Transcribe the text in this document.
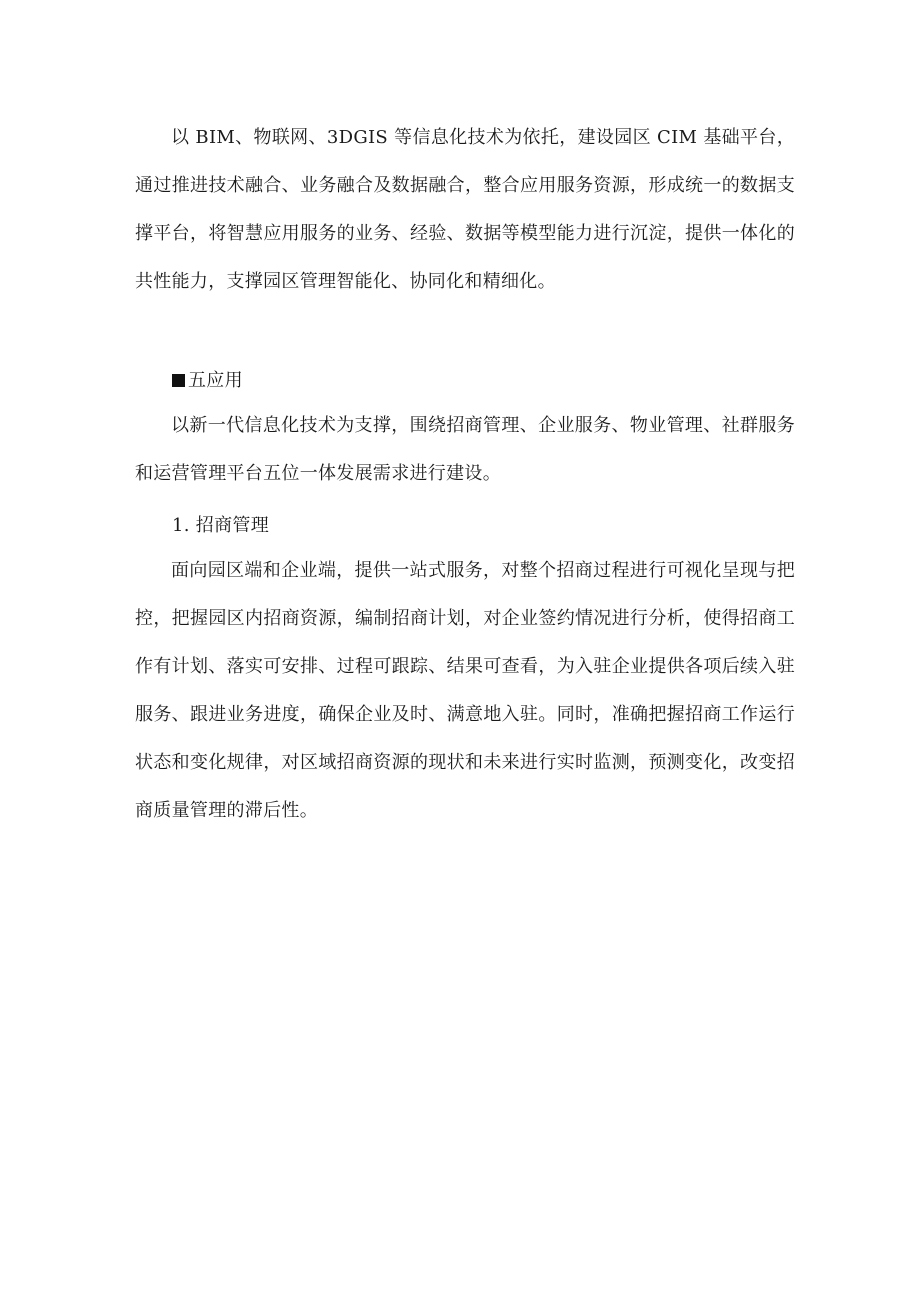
以 BIM、物联网、3DGIS 等信息化技术为依托，建设园区 CIM 基础平台，通过推进技术融合、业务融合及数据融合，整合应用服务资源，形成统一的数据支撑平台，将智慧应用服务的业务、经验、数据等模型能力进行沉淀，提供一体化的共性能力，支撑园区管理智能化、协同化和精细化。

五应用

以新一代信息化技术为支撑，围绕招商管理、企业服务、物业管理、社群服务和运营管理平台五位一体发展需求进行建设。

1. 招商管理

面向园区端和企业端，提供一站式服务，对整个招商过程进行可视化呈现与把控，把握园区内招商资源，编制招商计划，对企业签约情况进行分析，使得招商工作有计划、落实可安排、过程可跟踪、结果可查看，为入驻企业提供各项后续入驻服务、跟进业务进度，确保企业及时、满意地入驻。同时，准确把握招商工作运行状态和变化规律，对区域招商资源的现状和未来进行实时监测，预测变化，改变招商质量管理的滞后性。
